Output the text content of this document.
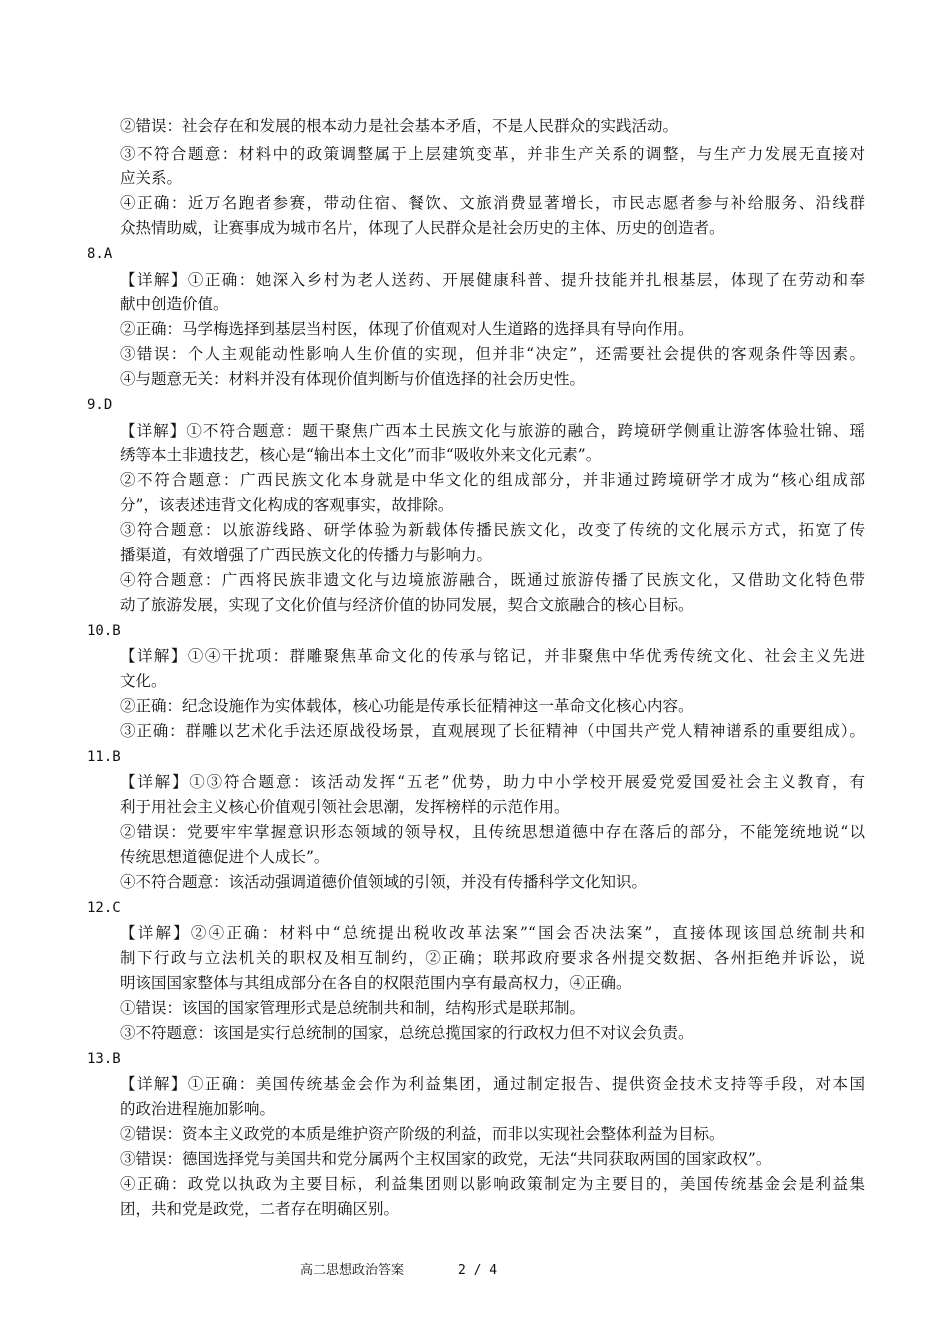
②错误：社会存在和发展的根本动力是社会基本矛盾，不是人民群众的实践活动。
③不符合题意：材料中的政策调整属于上层建筑变革，并非生产关系的调整，与生产力发展无直接对
应关系。
④正确：近万名跑者参赛，带动住宿、餐饮、文旅消费显著增长，市民志愿者参与补给服务、沿线群
众热情助威，让赛事成为城市名片，体现了人民群众是社会历史的主体、历史的创造者。
8.A
【详解】①正确：她深入乡村为老人送药、开展健康科普、提升技能并扎根基层，体现了在劳动和奉
献中创造价值。
②正确：马学梅选择到基层当村医，体现了价值观对人生道路的选择具有导向作用。
③错误：个人主观能动性影响人生价值的实现，但并非“决定”，还需要社会提供的客观条件等因素。
④与题意无关：材料并没有体现价值判断与价值选择的社会历史性。
9.D
【详解】①不符合题意：题干聚焦广西本土民族文化与旅游的融合，跨境研学侧重让游客体验壮锦、瑶
绣等本土非遗技艺，核心是“输出本土文化”而非“吸收外来文化元素”。
②不符合题意：广西民族文化本身就是中华文化的组成部分，并非通过跨境研学才成为“核心组成部
分”，该表述违背文化构成的客观事实，故排除。
③符合题意：以旅游线路、研学体验为新载体传播民族文化，改变了传统的文化展示方式，拓宽了传
播渠道，有效增强了广西民族文化的传播力与影响力。
④符合题意：广西将民族非遗文化与边境旅游融合，既通过旅游传播了民族文化，又借助文化特色带
动了旅游发展，实现了文化价值与经济价值的协同发展，契合文旅融合的核心目标。
10.B
【详解】①④干扰项：群雕聚焦革命文化的传承与铭记，并非聚焦中华优秀传统文化、社会主义先进
文化。
②正确：纪念设施作为实体载体，核心功能是传承长征精神这一革命文化核心内容。
③正确：群雕以艺术化手法还原战役场景，直观展现了长征精神（中国共产党人精神谱系的重要组成）。
11.B
【详解】①③符合题意：该活动发挥“五老”优势，助力中小学校开展爱党爱国爱社会主义教育，有
利于用社会主义核心价值观引领社会思潮，发挥榜样的示范作用。
②错误：党要牢牢掌握意识形态领域的领导权，且传统思想道德中存在落后的部分，不能笼统地说“以
传统思想道德促进个人成长”。
④不符合题意：该活动强调道德价值领域的引领，并没有传播科学文化知识。
12.C
【详解】②④正确：材料中“总统提出税收改革法案”“国会否决法案”，直接体现该国总统制共和
制下行政与立法机关的职权及相互制约，②正确；联邦政府要求各州提交数据、各州拒绝并诉讼，说
明该国国家整体与其组成部分在各自的权限范围内享有最高权力，④正确。
①错误：该国的国家管理形式是总统制共和制，结构形式是联邦制。
③不符题意：该国是实行总统制的国家，总统总揽国家的行政权力但不对议会负责。
13.B
【详解】①正确：美国传统基金会作为利益集团，通过制定报告、提供资金技术支持等手段，对本国
的政治进程施加影响。
②错误：资本主义政党的本质是维护资产阶级的利益，而非以实现社会整体利益为目标。
③错误：德国选择党与美国共和党分属两个主权国家的政党，无法“共同获取两国的国家政权”。
④正确：政党以执政为主要目标，利益集团则以影响政策制定为主要目的，美国传统基金会是利益集
团，共和党是政党，二者存在明确区别。
高二思想政治答案	2 / 4
